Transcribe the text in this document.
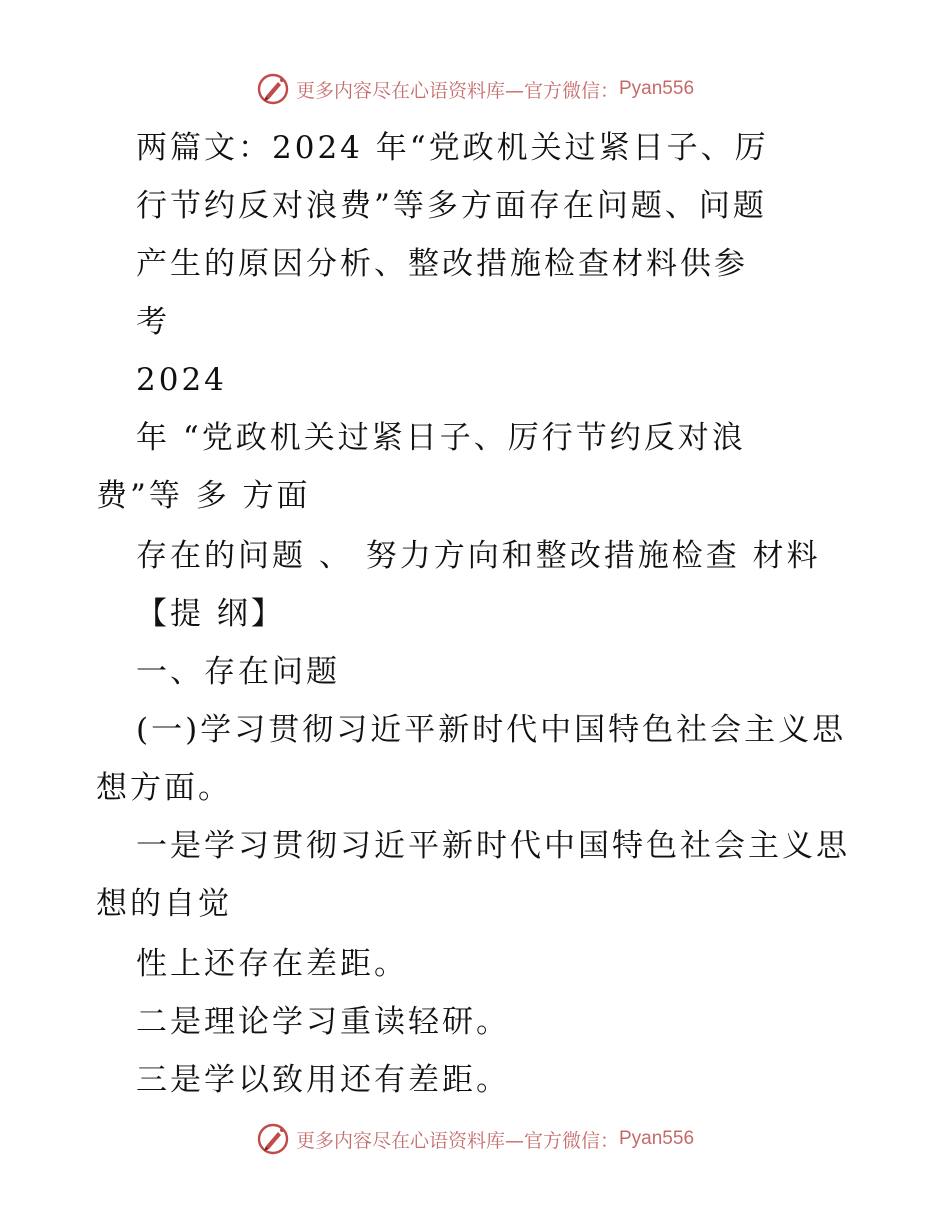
更多内容尽在心语资料库—官方微信： Pyan556
两篇文：2024 年“党政机关过紧日子、厉
行节约反对浪费”等多方面存在问题、问题
产生的原因分析、整改措施检查材料供参
考
2024
年 “党政机关过紧日子、厉行节约反对浪
费”等 多 方面
存在的问题 、 努力方向和整改措施检查 材料
【提 纲】
一、存在问题
(一)学习贯彻习近平新时代中国特色社会主义思
想方面。
一是学习贯彻习近平新时代中国特色社会主义思
想的自觉
性上还存在差距。
二是理论学习重读轻研。
三是学以致用还有差距。
更多内容尽在心语资料库—官方微信： Pyan556
